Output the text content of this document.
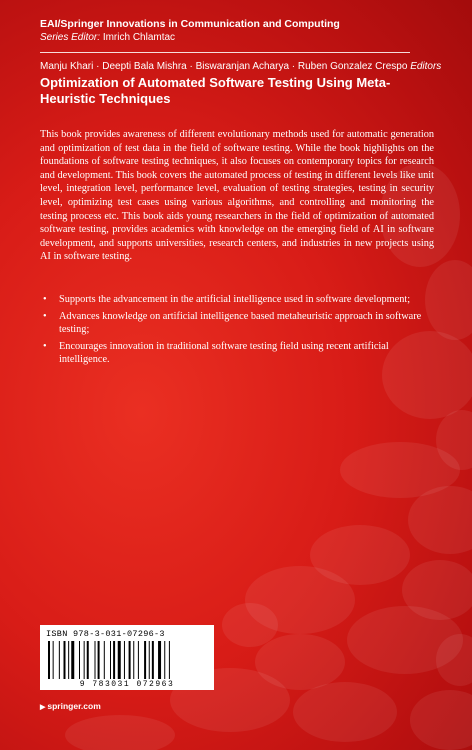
EAI/Springer Innovations in Communication and Computing
Series Editor: Imrich Chlamtac
Manju Khari · Deepti Bala Mishra · Biswaranjan Acharya · Ruben Gonzalez Crespo Editors
Optimization of Automated Software Testing Using Meta-Heuristic Techniques
This book provides awareness of different evolutionary methods used for automatic generation and optimization of test data in the field of software testing. While the book highlights on the foundations of software testing techniques, it also focuses on contemporary topics for research and development. This book covers the automated process of testing in different levels like unit level, integration level, performance level, evaluation of testing strategies, testing in security level, optimizing test cases using various algorithms, and controlling and monitoring the testing process etc. This book aids young researchers in the field of optimization of automated software testing, provides academics with knowledge on the emerging field of AI in software development, and supports universities, research centers, and industries in new projects using AI in software testing.
• Supports the advancement in the artificial intelligence used in software development;
• Advances knowledge on artificial intelligence based metaheuristic approach in software testing;
• Encourages innovation in traditional software testing field using recent artificial intelligence.
ISBN 978-3-031-07296-3
9 783031 072963
▶ springer.com
